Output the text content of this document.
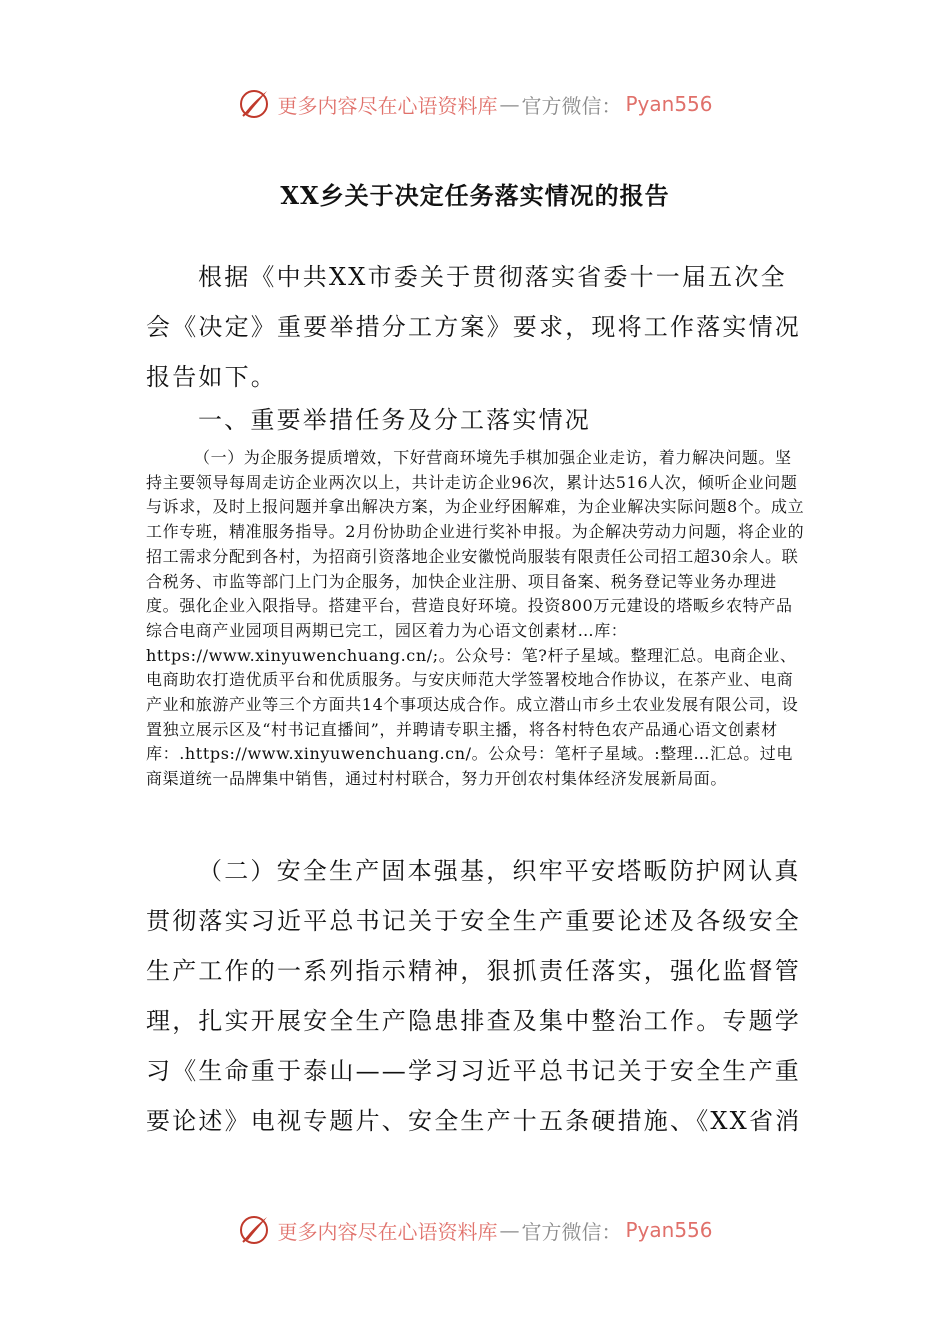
更多内容尽在心语资料库 — 官方微信： Pyan556
XX乡关于决定任务落实情况的报告
根据《中共XX市委关于贯彻落实省委十一届五次全会《决定》重要举措分工方案》要求，现将工作落实情况报告如下。
一、重要举措任务及分工落实情况
（一）为企服务提质增效，下好营商环境先手棋加强企业走访，着力解决问题。坚持主要领导每周走访企业两次以上，共计走访企业96次，累计达516人次，倾听企业问题与诉求，及时上报问题并拿出解决方案，为企业纾困解难，为企业解决实际问题8个。成立工作专班，精准服务指导。2月份协助企业进行奖补申报。为企解决劳动力问题，将企业的招工需求分配到各村，为招商引资落地企业安徽悦尚服装有限责任公司招工超30余人。联合税务、市监等部门上门为企服务，加快企业注册、项目备案、税务登记等业务办理进度。强化企业入限指导。搭建平台，营造良好环境。投资800万元建设的塔畈乡农特产品综合电商产业园项目两期已完工，园区着力为心语文创素材…库：https://www.xinyuwenchuang.cn/;。公众号：笔?杆子星域。整理汇总。电商企业、电商助农打造优质平台和优质服务。与安庆师范大学签署校地合作协议，在茶产业、电商产业和旅游产业等三个方面共14个事项达成合作。成立潜山市乡土农业发展有限公司，设置独立展示区及“村书记直播间”，并聘请专职主播，将各村特色农产品通心语文创素材库：.https://www.xinyuwenchuang.cn/。公众号：笔杆子星域。:整理…汇总。过电商渠道统一品牌集中销售，通过村村联合，努力开创农村集体经济发展新局面。
（二）安全生产固本强基，织牢平安塔畈防护网认真贯彻落实习近平总书记关于安全生产重要论述及各级安全生产工作的一系列指示精神，狠抓责任落实，强化监督管理，扎实开展安全生产隐患排查及集中整治工作。专题学习《生命重于泰山——学习习近平总书记关于安全生产重要论述》电视专题片、安全生产十五条硬措施、《XX省消
更多内容尽在心语资料库 — 官方微信： Pyan556
